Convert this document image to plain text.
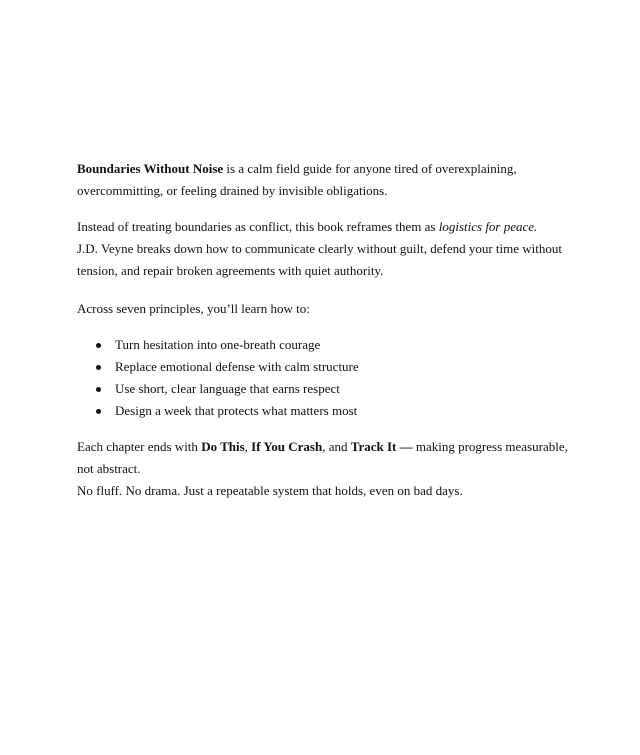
Boundaries Without Noise is a calm field guide for anyone tired of overexplaining, overcommitting, or feeling drained by invisible obligations.

Instead of treating boundaries as conflict, this book reframes them as logistics for peace.
J.D. Veyne breaks down how to communicate clearly without guilt, defend your time without tension, and repair broken agreements with quiet authority.

Across seven principles, you’ll learn how to:

Turn hesitation into one-breath courage
Replace emotional defense with calm structure
Use short, clear language that earns respect
Design a week that protects what matters most

Each chapter ends with Do This, If You Crash, and Track It — making progress measurable, not abstract.
No fluff. No drama. Just a repeatable system that holds, even on bad days.
